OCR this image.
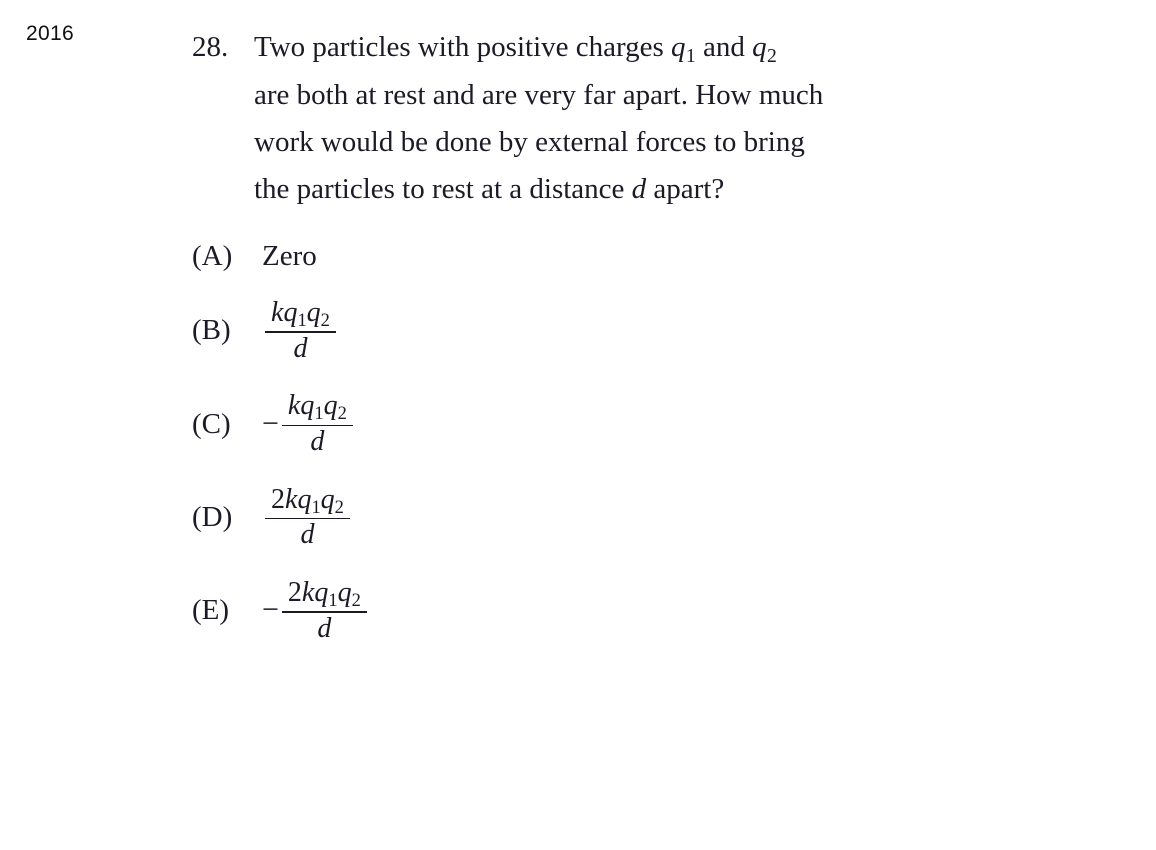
2016	28. Two particles with positive charges $q_1$ and $q_2$

are both at rest and are very far apart. How much

work would be done by external forces to bring

the particles to rest at a distance d apart?

(A)	Zero
(B)	$\frac{kq_1q_2}{d}$
(C)	− $\frac{kq_1q_2}{d}$
(D)	$\frac{2kq_1q_2}{d}$
(E)	− $\frac{2kq_1q_2}{d}$
